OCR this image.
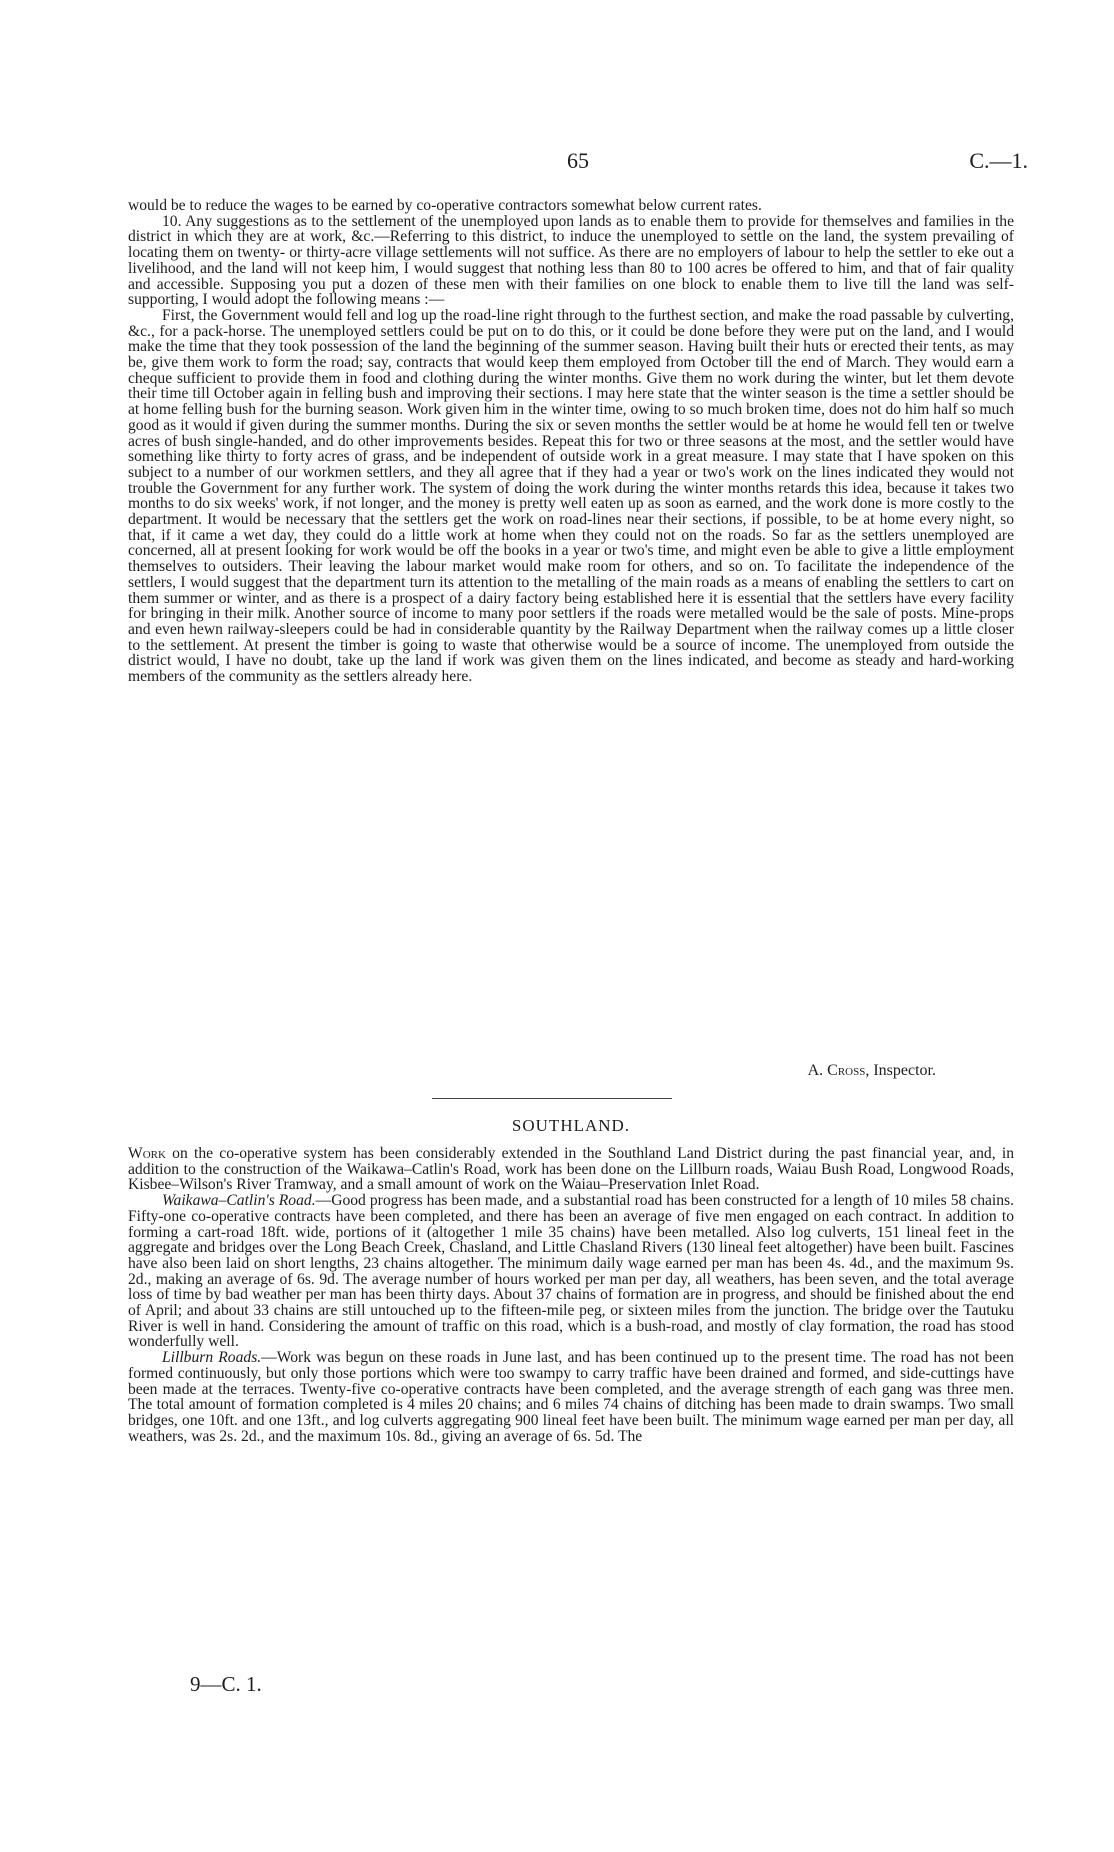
65	C.—1.

would be to reduce the wages to be earned by co-operative contractors somewhat below current rates.

10. Any suggestions as to the settlement of the unemployed upon lands as to enable them to provide for themselves and families in the district in which they are at work, &c.—Referring to this district, to induce the unemployed to settle on the land, the system prevailing of locating them on twenty- or thirty-acre village settlements will not suffice. As there are no employers of labour to help the settler to eke out a livelihood, and the land will not keep him, I would suggest that nothing less than 80 to 100 acres be offered to him, and that of fair quality and accessible. Supposing you put a dozen of these men with their families on one block to enable them to live till the land was self-supporting, I would adopt the following means :—

First, the Government would fell and log up the road-line right through to the furthest section, and make the road passable by culverting, &c., for a pack-horse. The unemployed settlers could be put on to do this, or it could be done before they were put on the land, and I would make the time that they took possession of the land the beginning of the summer season. Having built their huts or erected their tents, as may be, give them work to form the road; say, contracts that would keep them employed from October till the end of March. They would earn a cheque sufficient to provide them in food and clothing during the winter months. Give them no work during the winter, but let them devote their time till October again in felling bush and improving their sections. I may here state that the winter season is the time a settler should be at home felling bush for the burning season. Work given him in the winter time, owing to so much broken time, does not do him half so much good as it would if given during the summer months. During the six or seven months the settler would be at home he would fell ten or twelve acres of bush single-handed, and do other improvements besides. Repeat this for two or three seasons at the most, and the settler would have something like thirty to forty acres of grass, and be independent of outside work in a great measure. I may state that I have spoken on this subject to a number of our workmen settlers, and they all agree that if they had a year or two's work on the lines indicated they would not trouble the Government for any further work. The system of doing the work during the winter months retards this idea, because it takes two months to do six weeks' work, if not longer, and the money is pretty well eaten up as soon as earned, and the work done is more costly to the department. It would be necessary that the settlers get the work on road-lines near their sections, if possible, to be at home every night, so that, if it came a wet day, they could do a little work at home when they could not on the roads. So far as the settlers unemployed are concerned, all at present looking for work would be off the books in a year or two's time, and might even be able to give a little employment themselves to outsiders. Their leaving the labour market would make room for others, and so on. To facilitate the independence of the settlers, I would suggest that the department turn its attention to the metalling of the main roads as a means of enabling the settlers to cart on them summer or winter, and as there is a prospect of a dairy factory being established here it is essential that the settlers have every facility for bringing in their milk. Another source of income to many poor settlers if the roads were metalled would be the sale of posts. Mine-props and even hewn railway-sleepers could be had in considerable quantity by the Railway Department when the railway comes up a little closer to the settlement. At present the timber is going to waste that otherwise would be a source of income. The unemployed from outside the district would, I have no doubt, take up the land if work was given them on the lines indicated, and become as steady and hard-working members of the community as the settlers already here.

A. Cross, Inspector.
SOUTHLAND.

Work on the co-operative system has been considerably extended in the Southland Land District during the past financial year, and, in addition to the construction of the Waikawa–Catlin's Road, work has been done on the Lillburn roads, Waiau Bush Road, Longwood Roads, Kisbee–Wilson's River Tramway, and a small amount of work on the Waiau–Preservation Inlet Road.

Waikawa–Catlin's Road.—Good progress has been made, and a substantial road has been constructed for a length of 10 miles 58 chains. Fifty-one co-operative contracts have been completed, and there has been an average of five men engaged on each contract. In addition to forming a cart-road 18ft. wide, portions of it (altogether 1 mile 35 chains) have been metalled. Also log culverts, 151 lineal feet in the aggregate and bridges over the Long Beach Creek, Chasland, and Little Chasland Rivers (130 lineal feet altogether) have been built. Fascines have also been laid on short lengths, 23 chains altogether. The minimum daily wage earned per man has been 4s. 4d., and the maximum 9s. 2d., making an average of 6s. 9d. The average number of hours worked per man per day, all weathers, has been seven, and the total average loss of time by bad weather per man has been thirty days. About 37 chains of formation are in progress, and should be finished about the end of April; and about 33 chains are still untouched up to the fifteen-mile peg, or sixteen miles from the junction. The bridge over the Tautuku River is well in hand. Considering the amount of traffic on this road, which is a bush-road, and mostly of clay formation, the road has stood wonderfully well.

Lillburn Roads.—Work was begun on these roads in June last, and has been continued up to the present time. The road has not been formed continuously, but only those portions which were too swampy to carry traffic have been drained and formed, and side-cuttings have been made at the terraces. Twenty-five co-operative contracts have been completed, and the average strength of each gang was three men. The total amount of formation completed is 4 miles 20 chains; and 6 miles 74 chains of ditching has been made to drain swamps. Two small bridges, one 10ft. and one 13ft., and log culverts aggregating 900 lineal feet have been built. The minimum wage earned per man per day, all weathers, was 2s. 2d., and the maximum 10s. 8d., giving an average of 6s. 5d. The

9—C. 1.
